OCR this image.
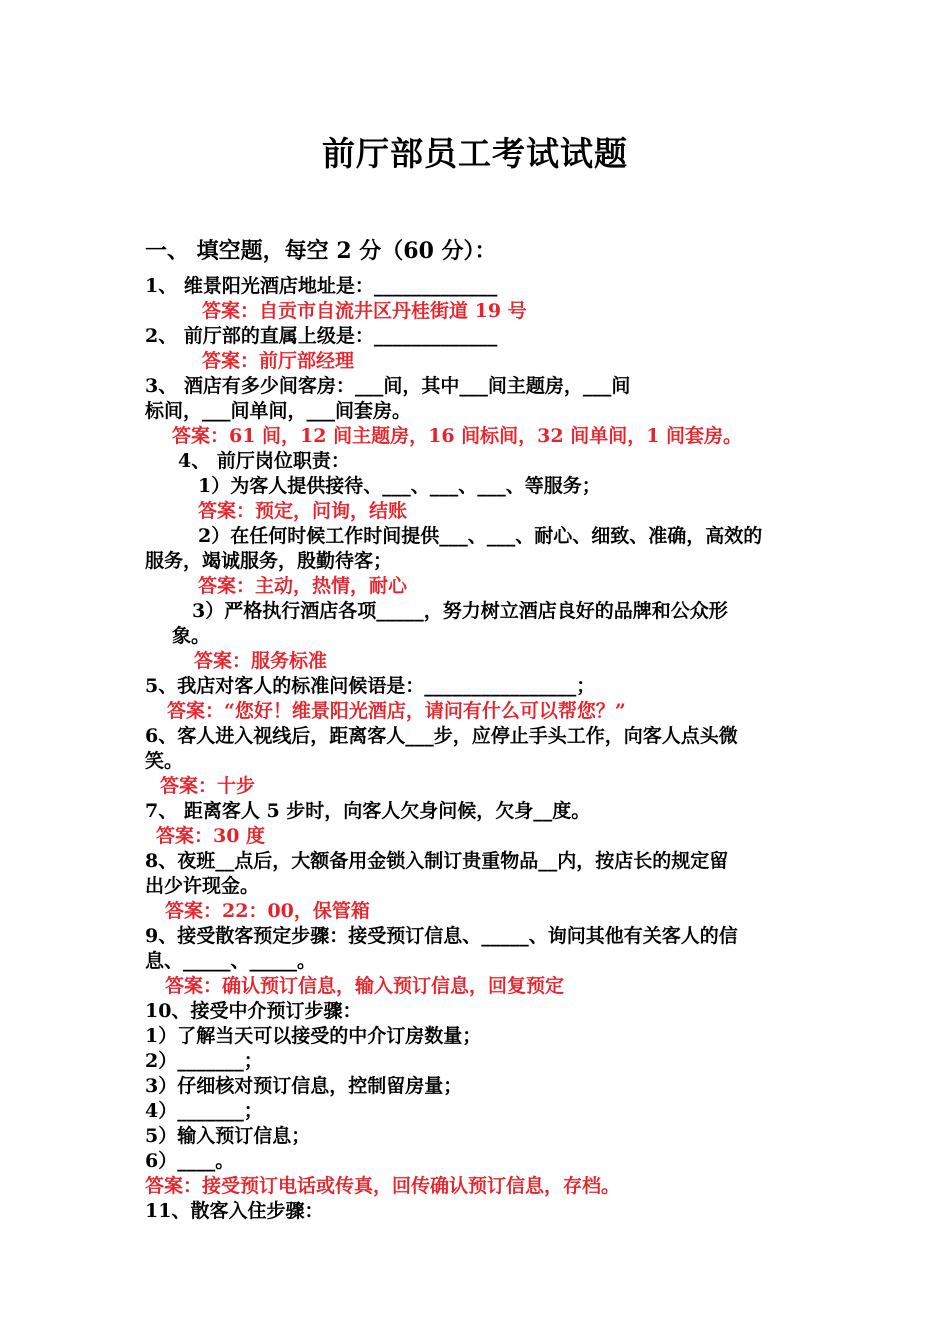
前厅部员工考试试题
一、 填空题，每空 2 分（60 分）：
1、 维景阳光酒店地址是：_____________
答案：自贡市自流井区丹桂街道 19 号
2、 前厅部的直属上级是：_____________
答案：前厅部经理
3、 酒店有多少间客房：___间，其中___间主题房，___间
标间，___间单间，___间套房。
答案：61 间，12 间主题房，16 间标间，32 间单间，1 间套房。
4、 前厅岗位职责：
1）为客人提供接待、___、___、___、等服务；
答案：预定，问询，结账
2）在任何时候工作时间提供___、___、耐心、细致、准确，高效的
服务，竭诚服务，殷勤待客；
答案：主动，热情，耐心
3）严格执行酒店各项_____，努力树立酒店良好的品牌和公众形
象。
答案：服务标准
5、我店对客人的标准问候语是：________________；
答案：“您好！维景阳光酒店，请问有什么可以帮您？”
6、客人进入视线后，距离客人___步，应停止手头工作，向客人点头微
笑。
答案：十步
7、 距离客人 5 步时，向客人欠身问候，欠身__度。
答案：30 度
8、夜班__点后，大额备用金锁入制订贵重物品__内，按店长的规定留
出少许现金。
答案：22：00，保管箱
9、接受散客预定步骤：接受预订信息、_____、询问其他有关客人的信
息、_____、_____。
答案：确认预订信息，输入预订信息，回复预定
10、接受中介预订步骤：
1）了解当天可以接受的中介订房数量；
2）_______；
3）仔细核对预订信息，控制留房量；
4）_______；
5）输入预订信息；
6）____。
答案：接受预订电话或传真，回传确认预订信息，存档。
11、散客入住步骤：
